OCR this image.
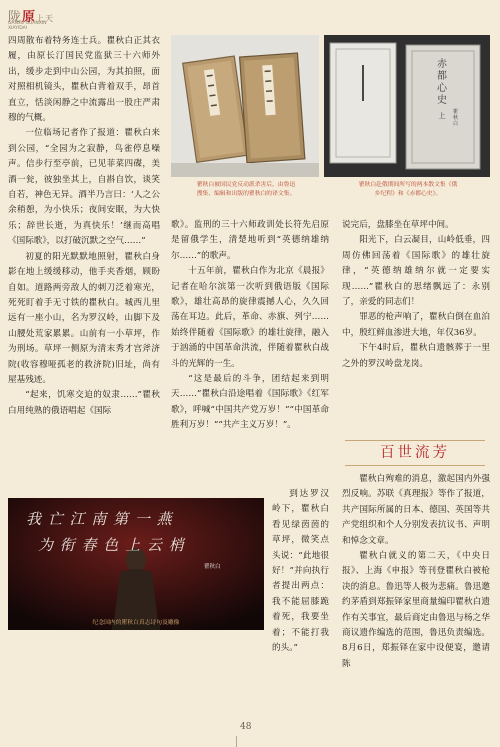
陇原上天
GANSU GUANXIN
XIAYIDAI

四周散布着特务连士兵。瞿秋白正其衣履，由原长汀国民党监狱三十六师外出，缓步走到中山公园，为其拍照，面对照相机镜头，瞿秋白背着双手，昂首直立，恬淡闲静之中流露出一股庄严肃穆的气概。

一位临场记者作了报道：瞿秋白来到公园，“全园为之寂静，鸟雀停息噪声。信步行至亭前，已见菲菜四碟，美酒一瓮，彼独坐其上，自斟自饮，谈笑自若，神色无异。酒半乃言曰：‘人之公余稍憩，为小快乐；夜间安眠，为大快乐；辞世长逝，为真快乐！’继而高唱《国际歌》，以打破沉默之空气……”

初夏的阳光默默地照射，瞿秋白身影在地上缓缓移动，他手夹香烟，顾盼自如。道路两旁敌人的刺刀泛着寒光，死死盯着手无寸铁的瞿秋白。城西儿里远有一座小山，名为罗汉岭，山脚下及山腰处荒家累累。山前有一小草坪，作为刑场。草坪一侧原为清末秀才宫斧济院(收容穆哑孤老的救济院)旧址，尚有屋基残迹。

“起来，饥寒交迫的奴隶……”瞿秋白用纯熟的俄语唱起《国际

瞿秋白被国民党反动派杀害后，由鲁迅
搜集、编辑和出版的瞿秋白的译文集。
赤都心史
上	瞿秋白
瞿秋白赴俄期间所写的两本散文集《俄
乡纪程》和《赤都心史》。

歌》。监刑的三十六师政训处长符先启原是留俄学生，清楚地听到“英德纳雄纳尔……”的歌声。

十五年前，瞿秋白作为北京《晨报》记者在哈尔滨第一次听到俄语版《国际歌》，雄壮高昂的旋律震撼人心，久久回荡在耳边。此后，革命、赤旗、列宁……始终伴随着《国际歌》的雄壮旋律，融入于汹涌的中国革命洪流，伴随着瞿秋白战斗的光辉的一生。

“这是最后的斗争，团结起来到明天……”瞿秋白沿途唱着《国际歌》《红军歌》，呼喊“中国共产党万岁！”“中国革命胜利万岁！”“共产主义万岁！”。

到达罗汉岭下，瞿秋白看见绿茵茵的草坪，微笑点头说：“此地很好！”并向执行者提出两点：我不能屈膝跪着死，我要坐着；不能打我的头。”

我 亡 江 南 第 一 燕
为 衔 春 色 上 云 梢
瞿秋白
纪念国内的瞿秋白真志诗句及雕像

说完后，盘膝坐在草坪中间。

阳光下，白云凝目，山岭低垂，四周仿佛回荡着《国际歌》的雄壮旋律，“英德纳雄纳尔就一定要实现……”瞿秋白的思绪飘远了：永别了，亲爱的同志们！

罪恶的枪声响了，瞿秋白倒在血泊中，殷红鲜血渗进大地，年仅36岁。

下午4时后，瞿秋白遗骸葬于一里之外的罗汉岭盘龙岗。

百世流芳

瞿秋白殉难的消息，激起国内外强烈反响。苏联《真理报》等作了报道，共产国际所属的日本、德国、英国等共产党组织和个人分别发表抗议书、声明和悼念文章。

瞿秋白就义的第二天，《中央日报》、上海《申报》等刊登瞿秋白被枪决的消息。鲁迅等人极为悲痛。鲁迅邀约茅盾到郑振铎家里商量编印瞿秋白遗作有关事宜，最后商定由鲁迅与杨之华商议遗作编选的范围，鲁迅负责编选。8月6日，郑振铎在家中设便宴，邀请陈

48
